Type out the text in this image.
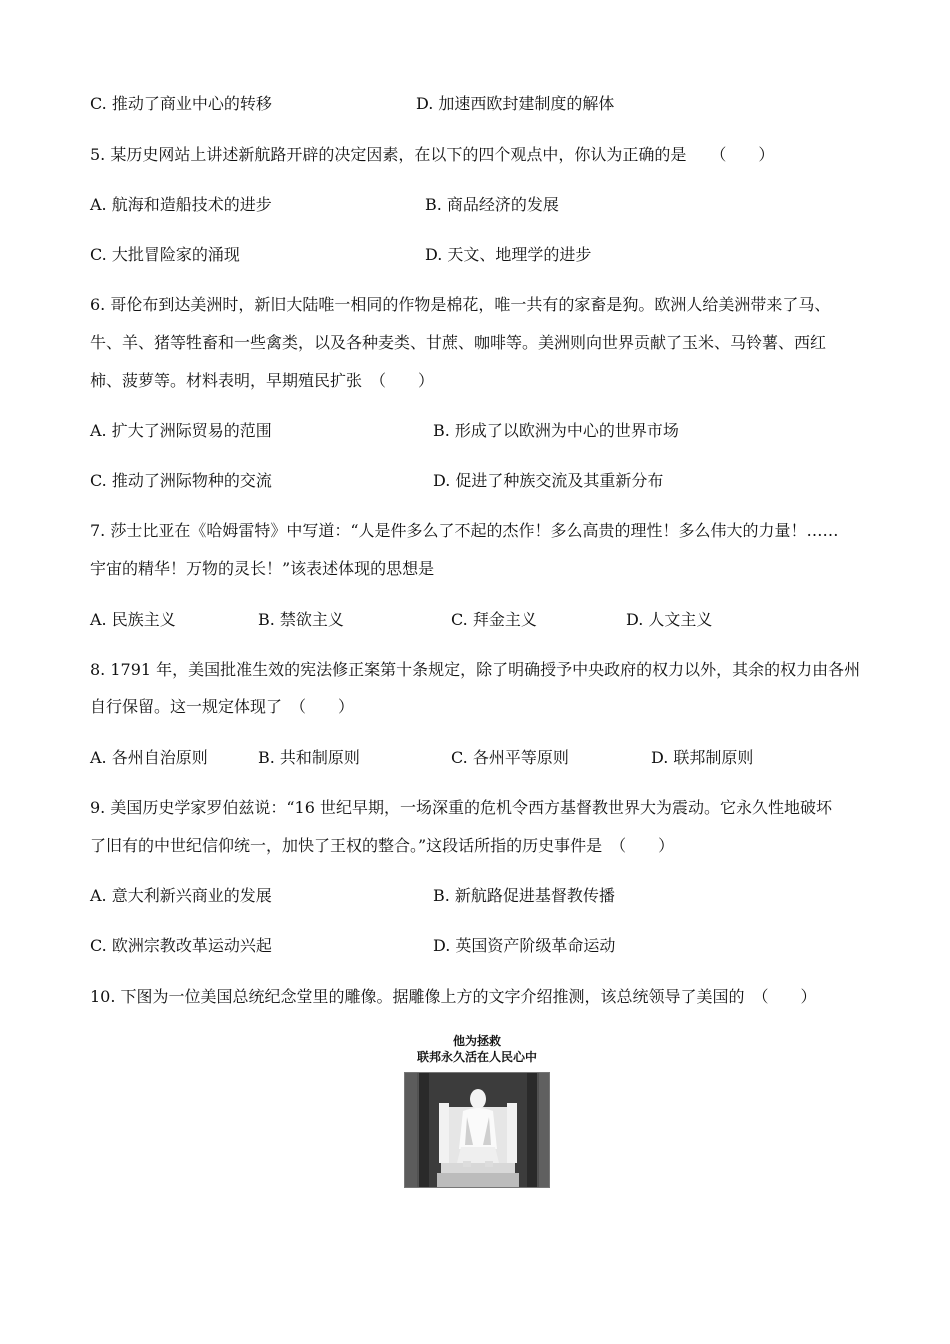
C. 推动了商业中心的转移	D. 加速西欧封建制度的解体
5. 某历史网站上讲述新航路开辟的决定因素，在以下的四个观点中，你认为正确的是　　（　　）
A. 航海和造船技术的进步	B. 商品经济的发展
C. 大批冒险家的涌现	D. 天文、地理学的进步
6. 哥伦布到达美洲时，新旧大陆唯一相同的作物是棉花，唯一共有的家畜是狗。欧洲人给美洲带来了马、
牛、羊、猪等牲畜和一些禽类，以及各种麦类、甘蔗、咖啡等。美洲则向世界贡献了玉米、马铃薯、西红
柿、菠萝等。材料表明，早期殖民扩张　（　　）
A. 扩大了洲际贸易的范围	B. 形成了以欧洲为中心的世界市场
C. 推动了洲际物种的交流	D. 促进了种族交流及其重新分布
7. 莎士比亚在《哈姆雷特》中写道：“人是件多么了不起的杰作！多么高贵的理性！多么伟大的力量！……
宇宙的精华！万物的灵长！”该表述体现的思想是
A. 民族主义	B. 禁欲主义	C. 拜金主义	D. 人文主义
8. 1791 年，美国批准生效的宪法修正案第十条规定，除了明确授予中央政府的权力以外，其余的权力由各州
自行保留。这一规定体现了　（　　）
A. 各州自治原则	B. 共和制原则	C. 各州平等原则	D. 联邦制原则
9. 美国历史学家罗伯兹说：“16 世纪早期，一场深重的危机令西方基督教世界大为震动。它永久性地破坏
了旧有的中世纪信仰统一，加快了王权的整合。”这段话所指的历史事件是　（　　）
A. 意大利新兴商业的发展	B. 新航路促进基督教传播
C. 欧洲宗教改革运动兴起	D. 英国资产阶级革命运动
10. 下图为一位美国总统纪念堂里的雕像。据雕像上方的文字介绍推测，该总统领导了美国的　（　　）
他为拯救
联邦永久活在人民心中
